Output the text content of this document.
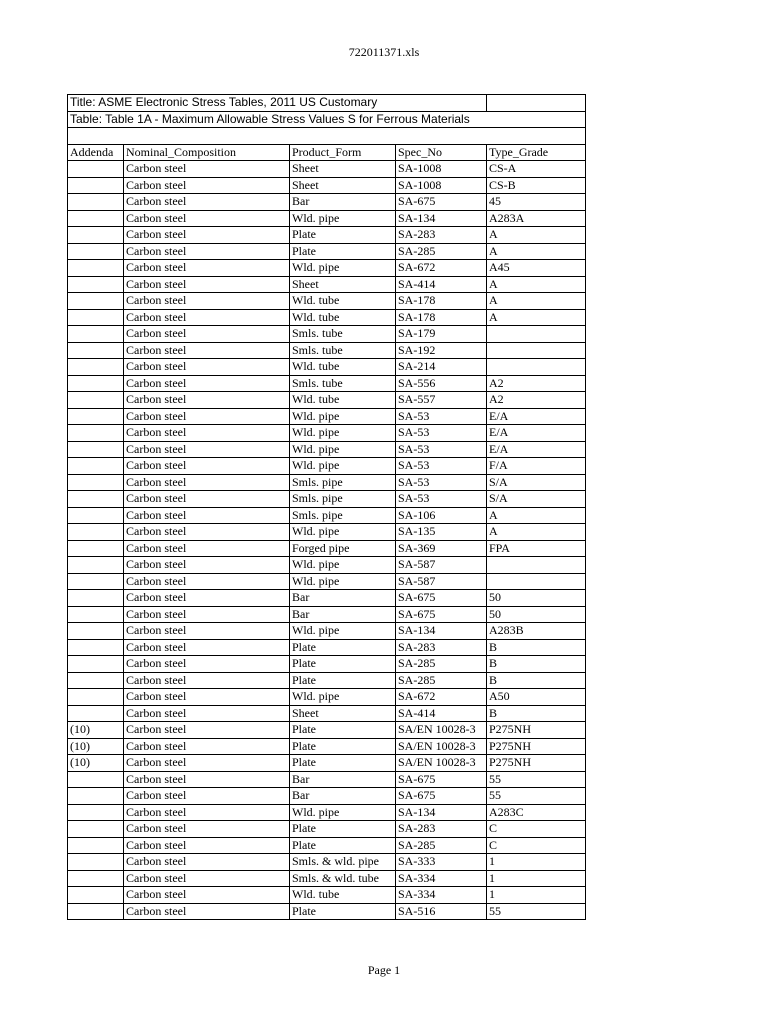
722011371.xls
Title: ASME Electronic Stress Tables, 2011 US Customary				
Table: Table 1A - Maximum Allowable Stress Values S for Ferrous Materials				

Addenda	Nominal_Composition	Product_Form	Spec_No	Type_Grade
	Carbon steel	Sheet	SA-1008	CS-A
	Carbon steel	Sheet	SA-1008	CS-B
	Carbon steel	Bar	SA-675	45
	Carbon steel	Wld. pipe	SA-134	A283A
	Carbon steel	Plate	SA-283	A
	Carbon steel	Plate	SA-285	A
	Carbon steel	Wld. pipe	SA-672	A45
	Carbon steel	Sheet	SA-414	A
	Carbon steel	Wld. tube	SA-178	A
	Carbon steel	Wld. tube	SA-178	A
	Carbon steel	Smls. tube	SA-179	
	Carbon steel	Smls. tube	SA-192	
	Carbon steel	Wld. tube	SA-214	
	Carbon steel	Smls. tube	SA-556	A2
	Carbon steel	Wld. tube	SA-557	A2
	Carbon steel	Wld. pipe	SA-53	E/A
	Carbon steel	Wld. pipe	SA-53	E/A
	Carbon steel	Wld. pipe	SA-53	E/A
	Carbon steel	Wld. pipe	SA-53	F/A
	Carbon steel	Smls. pipe	SA-53	S/A
	Carbon steel	Smls. pipe	SA-53	S/A
	Carbon steel	Smls. pipe	SA-106	A
	Carbon steel	Wld. pipe	SA-135	A
	Carbon steel	Forged pipe	SA-369	FPA
	Carbon steel	Wld. pipe	SA-587	
	Carbon steel	Wld. pipe	SA-587	
	Carbon steel	Bar	SA-675	50
	Carbon steel	Bar	SA-675	50
	Carbon steel	Wld. pipe	SA-134	A283B
	Carbon steel	Plate	SA-283	B
	Carbon steel	Plate	SA-285	B
	Carbon steel	Plate	SA-285	B
	Carbon steel	Wld. pipe	SA-672	A50
	Carbon steel	Sheet	SA-414	B
(10)	Carbon steel	Plate	SA/EN 10028-3	P275NH
(10)	Carbon steel	Plate	SA/EN 10028-3	P275NH
(10)	Carbon steel	Plate	SA/EN 10028-3	P275NH
	Carbon steel	Bar	SA-675	55
	Carbon steel	Bar	SA-675	55
	Carbon steel	Wld. pipe	SA-134	A283C
	Carbon steel	Plate	SA-283	C
	Carbon steel	Plate	SA-285	C
	Carbon steel	Smls. & wld. pipe	SA-333	1
	Carbon steel	Smls. & wld. tube	SA-334	1
	Carbon steel	Wld. tube	SA-334	1
	Carbon steel	Plate	SA-516	55
Page 1
